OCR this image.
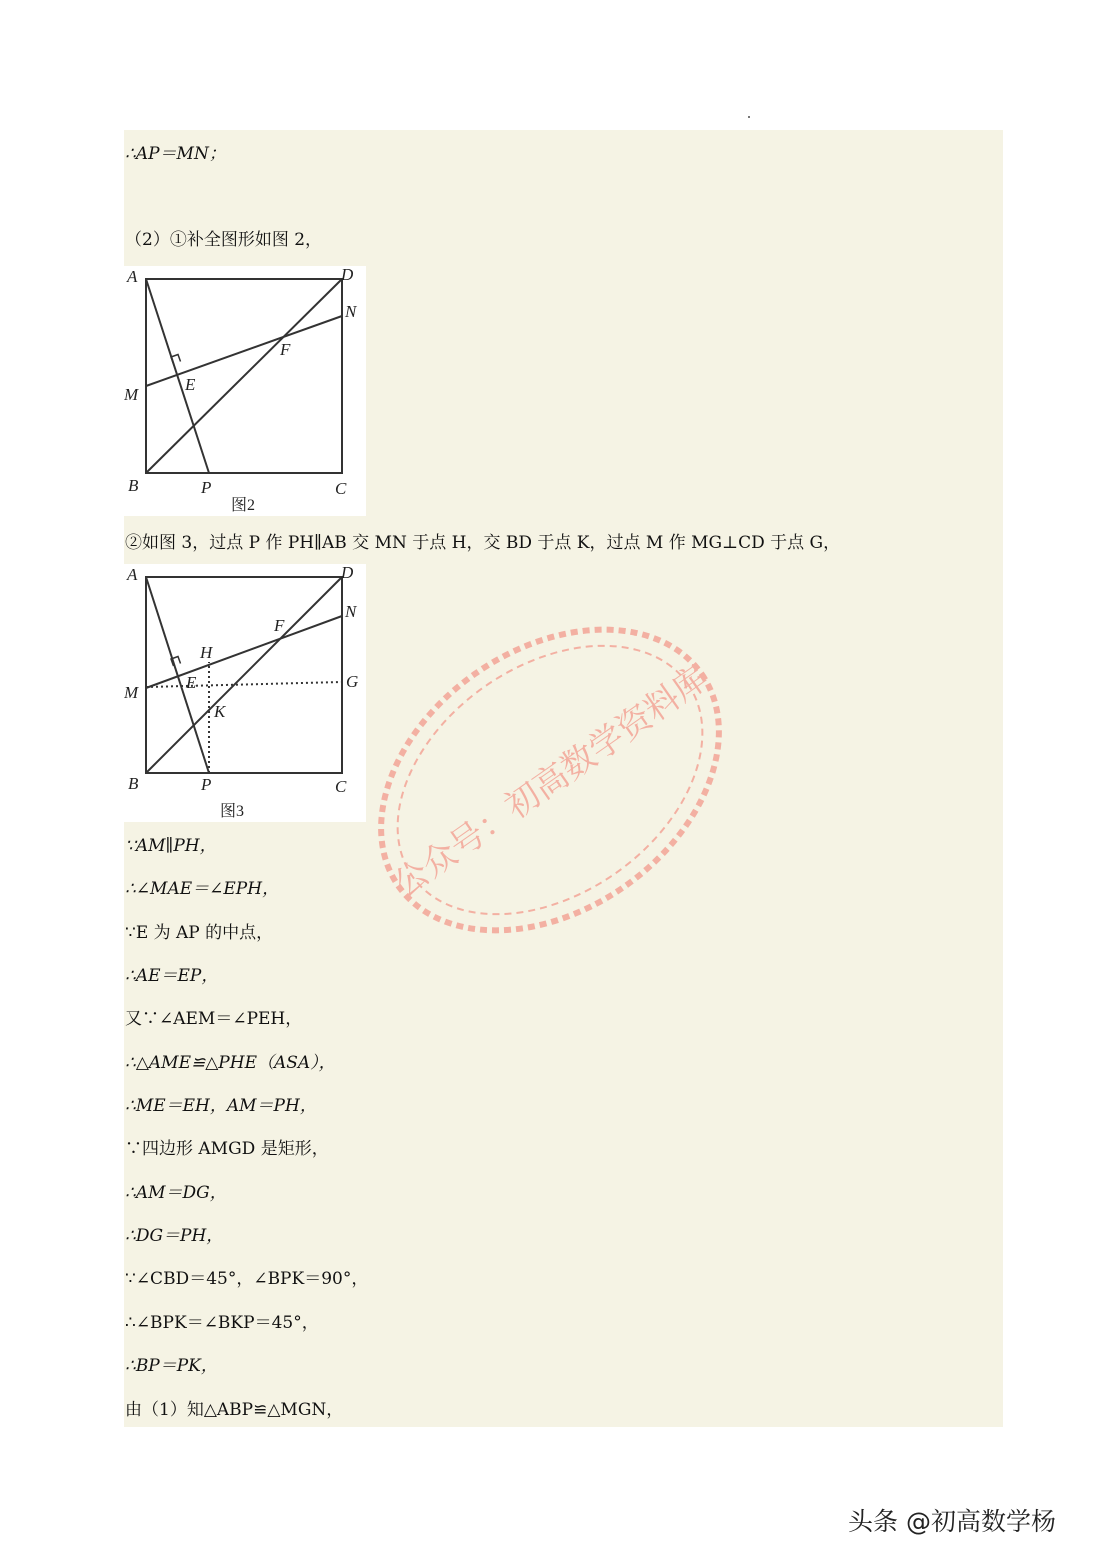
∴AP＝MN；
（2）①补全图形如图 2，
A	D
N
F
M
E
B	P	C
图2
②如图 3，过点 P 作 PH∥AB 交 MN 于点 H，交 BD 于点 K，过点 M 作 MG⊥CD 于点 G，
A	D
N
F
H
M
E	G
K
B	P	C
图3
∵AM∥PH，
∴∠MAE＝∠EPH，
∵E 为 AP 的中点，
∴AE＝EP，
又∵∠AEM＝∠PEH，
∴△AME≌△PHE（ASA），
∴ME＝EH，AM＝PH，
∵四边形 AMGD 是矩形，
∴AM＝DG，
∴DG＝PH，
∵∠CBD＝45°，∠BPK＝90°，
∴∠BPK＝∠BKP＝45°，
∴BP＝PK，
由（1）知△ABP≌△MGN，
公众号：初高数学资料库
头条 @初高数学杨
